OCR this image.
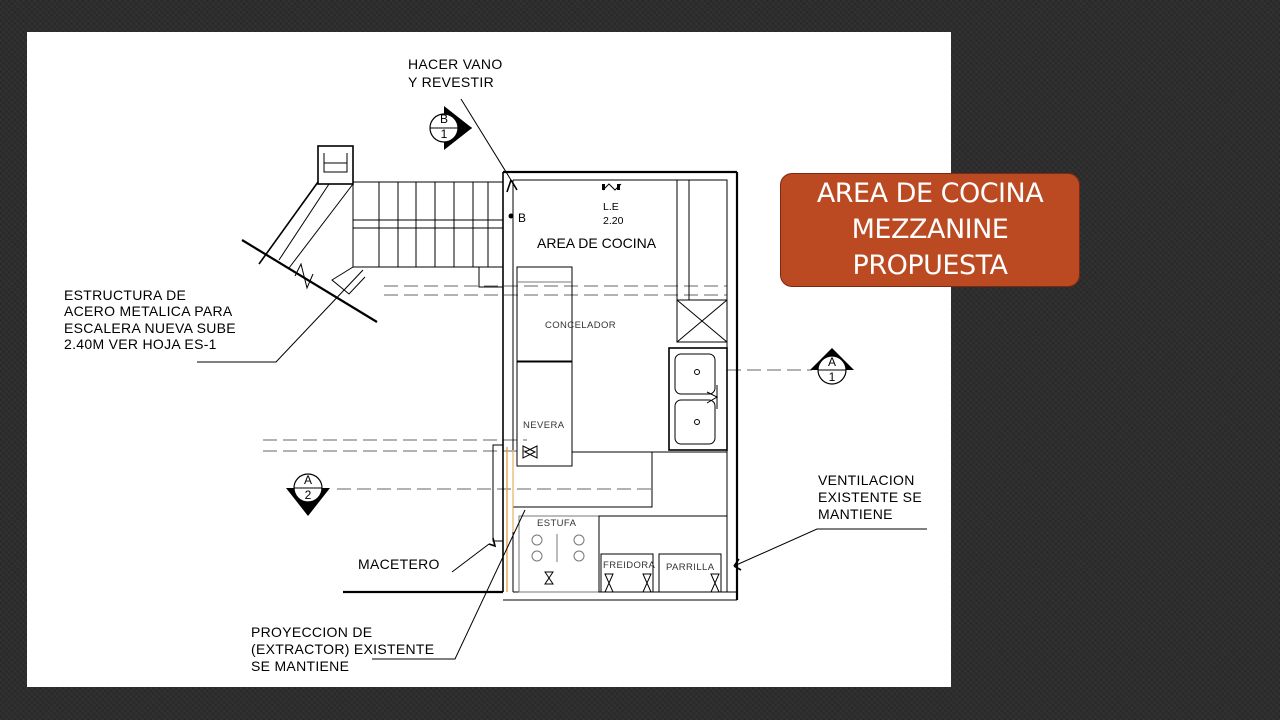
HACER VANO
Y REVESTIR
ESTRUCTURA DE
ACERO METALICA PARA
ESCALERA NUEVA SUBE
2.40M VER HOJA ES-1
VENTILACION
EXISTENTE SE
MANTIENE
MACETERO
PROYECCION DE
(EXTRACTOR) EXISTENTE
SE MANTIENE
AREA DE COCINA
CONCELADOR
NEVERA
ESTUFA
FREIDORA PARRILLA
L.E
2.20
B
B
1
A
1
A
2
AREA DE COCINA
MEZZANINE
PROPUESTA
